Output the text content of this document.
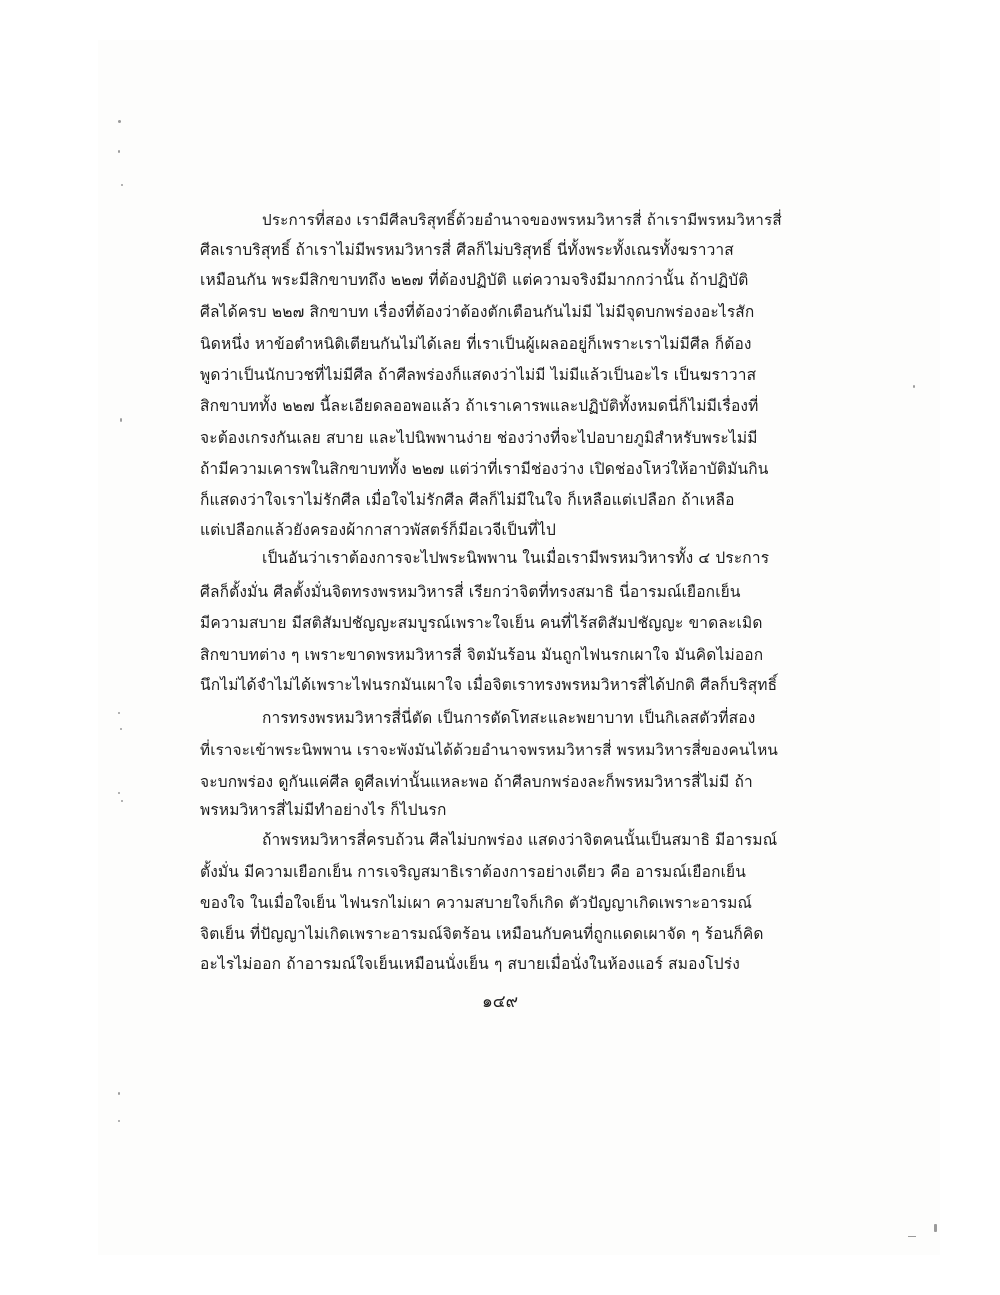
ประการที่สอง เรามีศีลบริสุทธิ์ด้วยอำนาจของพรหมวิหารสี่ ถ้าเรามีพรหมวิหารสี่

ศีลเราบริสุทธิ์ ถ้าเราไม่มีพรหมวิหารสี่ ศีลก็ไม่บริสุทธิ์ นี่ทั้งพระทั้งเณรทั้งฆราวาส

เหมือนกัน พระมีสิกขาบทถึง ๒๒๗ ที่ต้องปฏิบัติ แต่ความจริงมีมากกว่านั้น ถ้าปฏิบัติ

ศีลได้ครบ ๒๒๗ สิกขาบท เรื่องที่ต้องว่าต้องตักเตือนกันไม่มี ไม่มีจุดบกพร่องอะไรสัก

นิดหนึ่ง หาข้อตำหนิติเตียนกันไม่ได้เลย ที่เราเป็นผู้เผลออยู่ก็เพราะเราไม่มีศีล ก็ต้อง

พูดว่าเป็นนักบวชที่ไม่มีศีล ถ้าศีลพร่องก็แสดงว่าไม่มี ไม่มีแล้วเป็นอะไร เป็นฆราวาส

สิกขาบททั้ง ๒๒๗ นี้ละเอียดลออพอแล้ว ถ้าเราเคารพและปฏิบัติทั้งหมดนี่ก็ไม่มีเรื่องที่

จะต้องเกรงกันเลย สบาย และไปนิพพานง่าย ช่องว่างที่จะไปอบายภูมิสำหรับพระไม่มี

ถ้ามีความเคารพในสิกขาบททั้ง ๒๒๗ แต่ว่าที่เรามีช่องว่าง เปิดช่องโหว่ให้อาบัติมันกิน

ก็แสดงว่าใจเราไม่รักศีล เมื่อใจไม่รักศีล ศีลก็ไม่มีในใจ ก็เหลือแต่เปลือก ถ้าเหลือ

แต่เปลือกแล้วยังครองผ้ากาสาวพัสตร์ก็มีอเวจีเป็นที่ไป

เป็นอันว่าเราต้องการจะไปพระนิพพาน ในเมื่อเรามีพรหมวิหารทั้ง ๔ ประการ

ศีลก็ตั้งมั่น ศีลตั้งมั่นจิตทรงพรหมวิหารสี่ เรียกว่าจิตที่ทรงสมาธิ นี่อารมณ์เยือกเย็น

มีความสบาย มีสติสัมปชัญญะสมบูรณ์เพราะใจเย็น คนที่ไร้สติสัมปชัญญะ ขาดละเมิด

สิกขาบทต่าง ๆ เพราะขาดพรหมวิหารสี่ จิตมันร้อน มันถูกไฟนรกเผาใจ มันคิดไม่ออก

นึกไม่ได้จำไม่ได้เพราะไฟนรกมันเผาใจ เมื่อจิตเราทรงพรหมวิหารสี่ได้ปกติ ศีลก็บริสุทธิ์

การทรงพรหมวิหารสี่นี่ตัด เป็นการตัดโทสะและพยาบาท เป็นกิเลสตัวที่สอง

ที่เราจะเข้าพระนิพพาน เราจะพังมันได้ด้วยอำนาจพรหมวิหารสี่ พรหมวิหารสี่ของคนไหน

จะบกพร่อง ดูกันแค่ศีล ดูศีลเท่านั้นแหละพอ ถ้าศีลบกพร่องละก็พรหมวิหารสี่ไม่มี ถ้า

พรหมวิหารสี่ไม่มีทำอย่างไร ก็ไปนรก

ถ้าพรหมวิหารสี่ครบถ้วน ศีลไม่บกพร่อง แสดงว่าจิตคนนั้นเป็นสมาธิ มีอารมณ์

ตั้งมั่น มีความเยือกเย็น การเจริญสมาธิเราต้องการอย่างเดียว คือ อารมณ์เยือกเย็น

ของใจ ในเมื่อใจเย็น ไฟนรกไม่เผา ความสบายใจก็เกิด ตัวปัญญาเกิดเพราะอารมณ์

จิตเย็น ที่ปัญญาไม่เกิดเพราะอารมณ์จิตร้อน เหมือนกับคนที่ถูกแดดเผาจัด ๆ ร้อนก็คิด

อะไรไม่ออก ถ้าอารมณ์ใจเย็นเหมือนนั่งเย็น ๆ สบายเมื่อนั่งในห้องแอร์ สมองโปร่ง

๑๔๙
